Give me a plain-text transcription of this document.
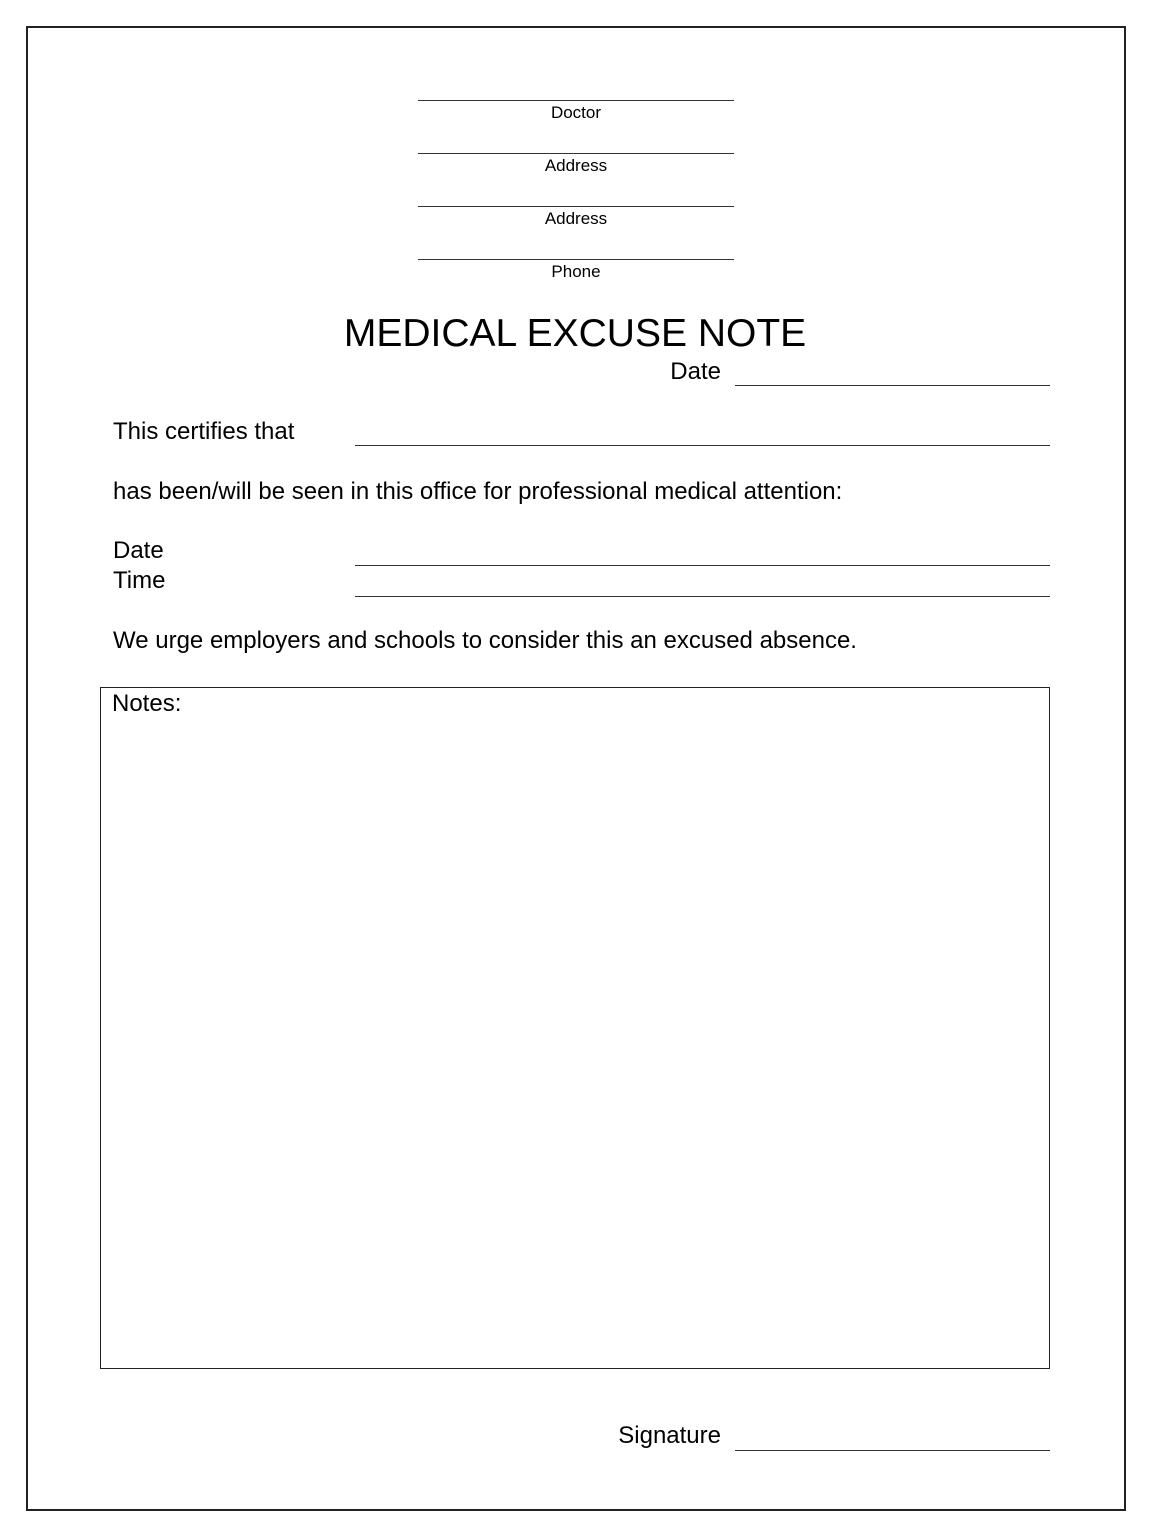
Doctor
Address
Address
Phone
MEDICAL EXCUSE NOTE
Date
This certifies that
has been/will be seen in this office for professional medical attention:
Date
Time
We urge employers and schools to consider this an excused absence.
Notes:
Signature
